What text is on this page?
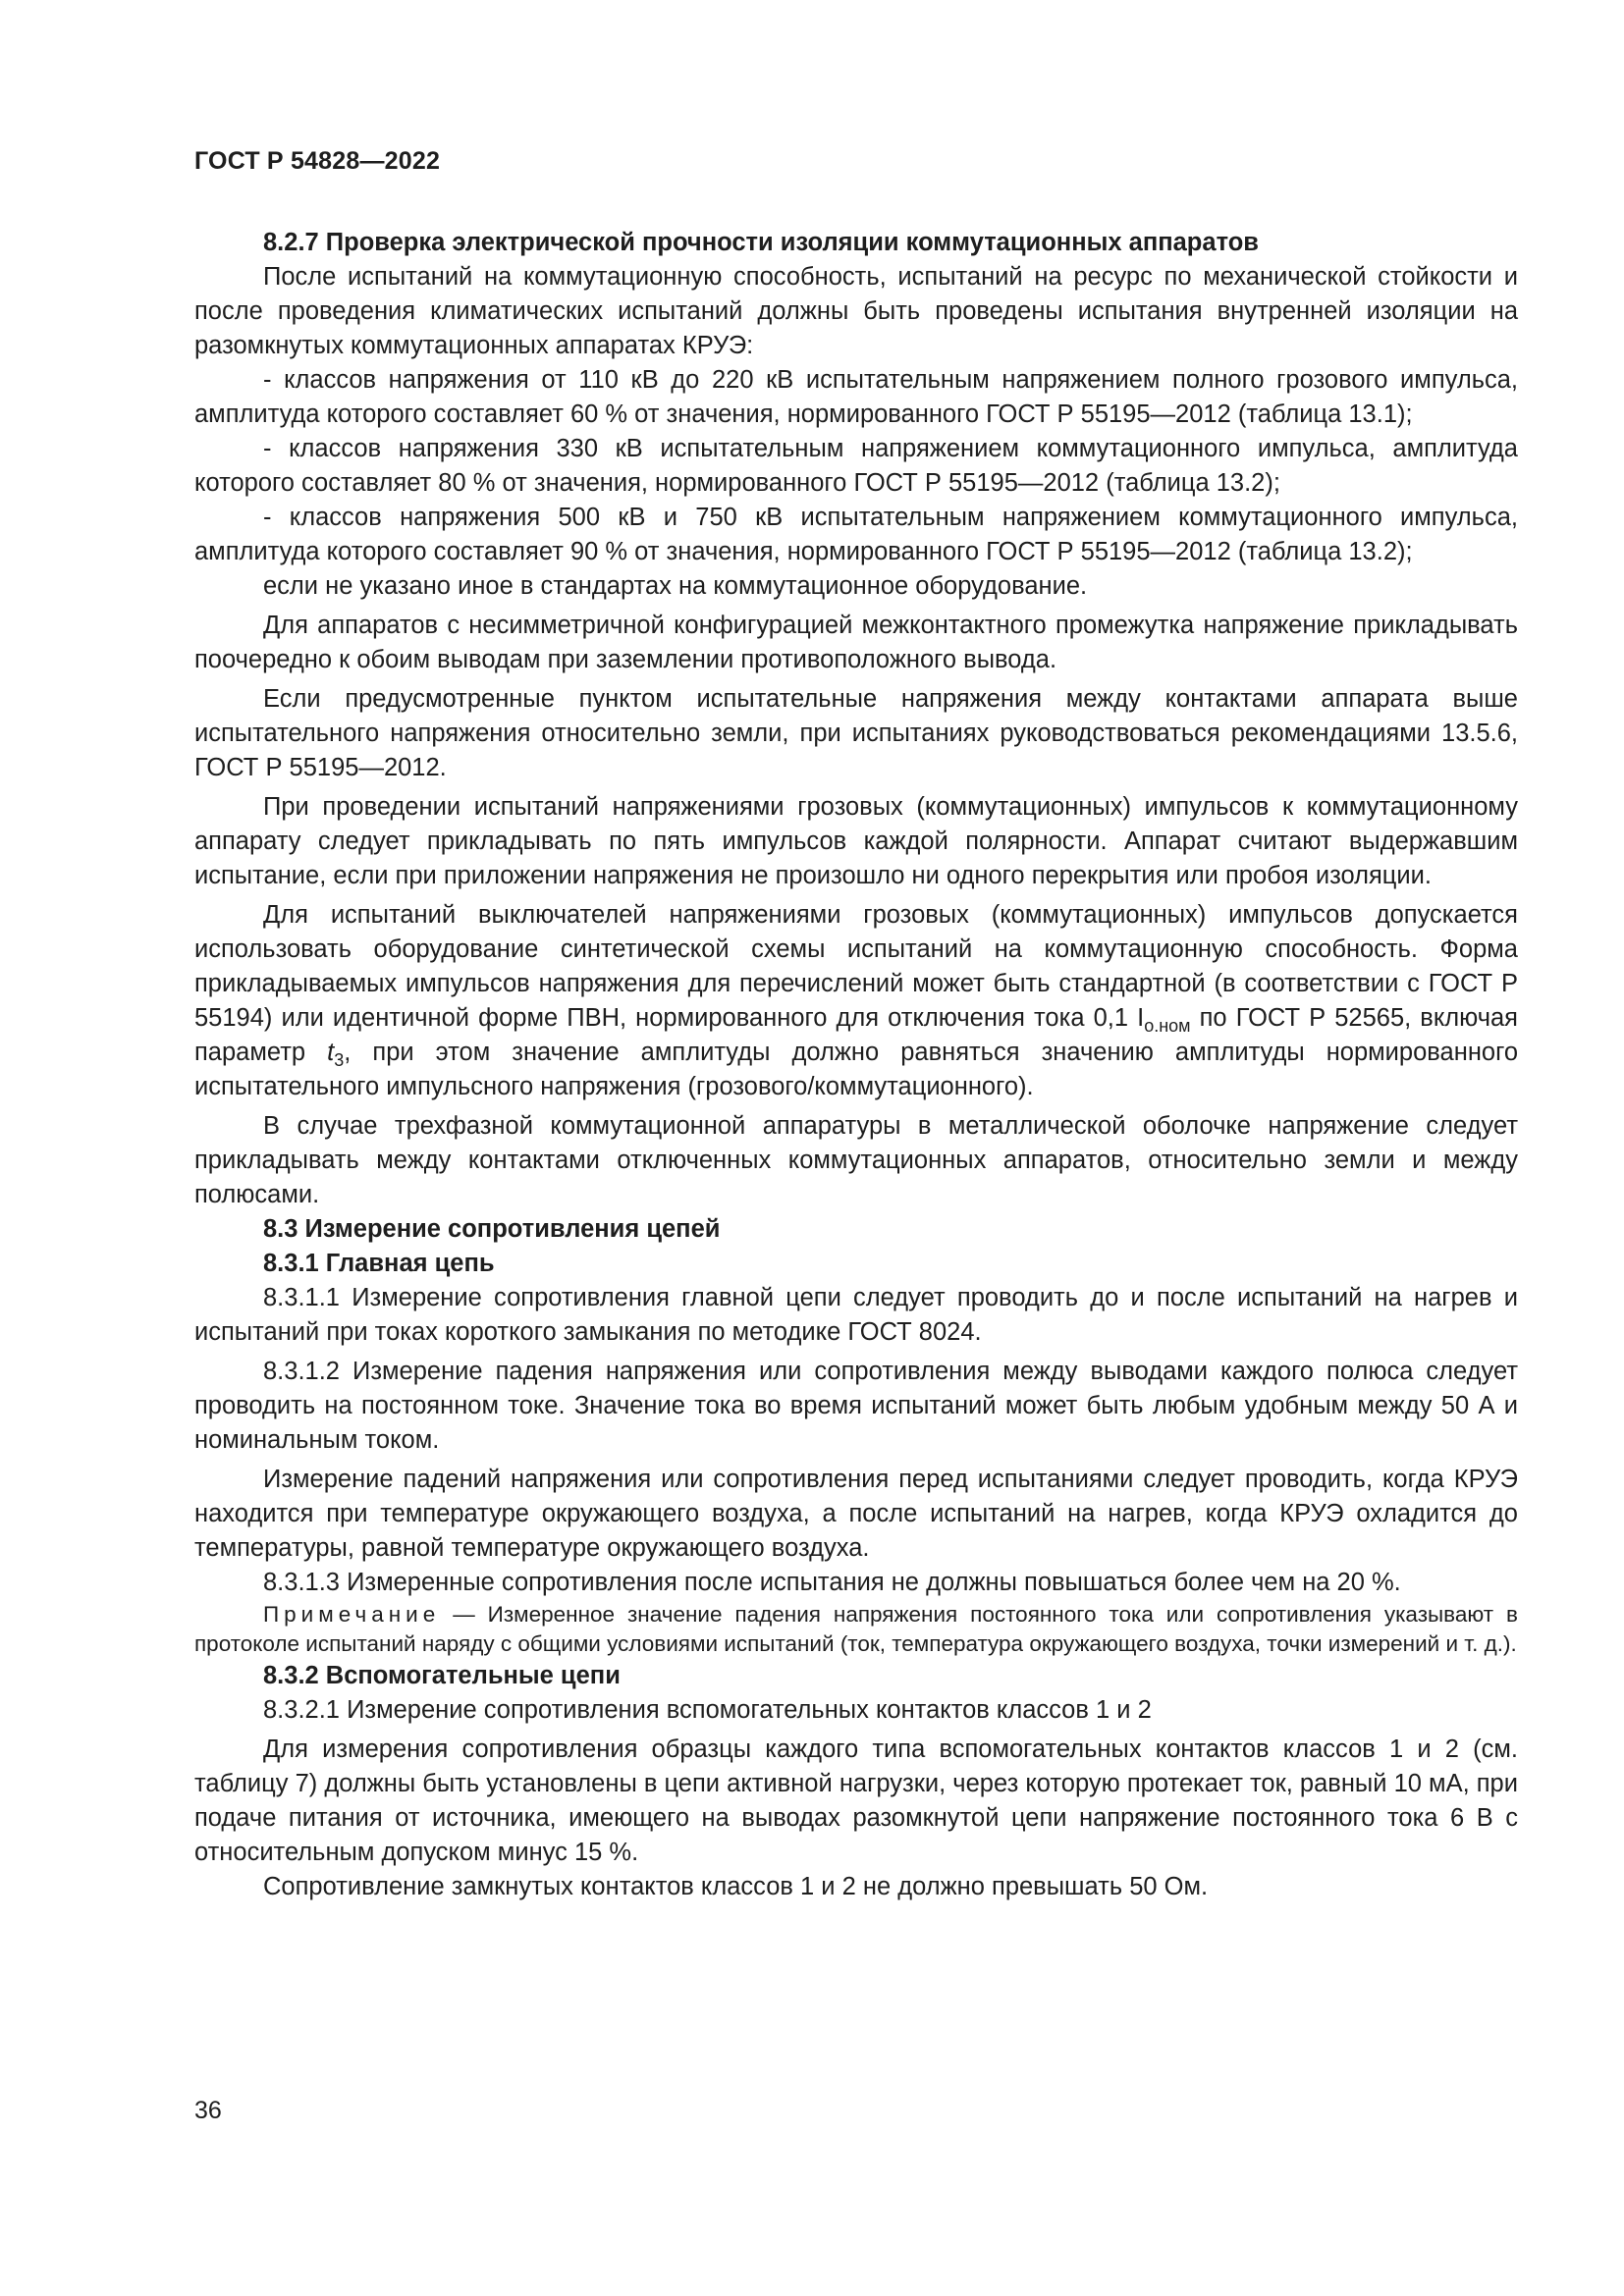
ГОСТ Р 54828—2022

8.2.7 Проверка электрической прочности изоляции коммутационных аппаратов

После испытаний на коммутационную способность, испытаний на ресурс по механической стойкости и после проведения климатических испытаний должны быть проведены испытания внутренней изоляции на разомкнутых коммутационных аппаратах КРУЭ:

- классов напряжения от 110 кВ до 220 кВ испытательным напряжением полного грозового импульса, амплитуда которого составляет 60 % от значения, нормированного ГОСТ Р 55195—2012 (таблица 13.1);

- классов напряжения 330 кВ испытательным напряжением коммутационного импульса, амплитуда которого составляет 80 % от значения, нормированного ГОСТ Р 55195—2012 (таблица 13.2);

- классов напряжения 500 кВ и 750 кВ испытательным напряжением коммутационного импульса, амплитуда которого составляет 90 % от значения, нормированного ГОСТ Р 55195—2012 (таблица 13.2);

если не указано иное в стандартах на коммутационное оборудование.

Для аппаратов с несимметричной конфигурацией межконтактного промежутка напряжение прикладывать поочередно к обоим выводам при заземлении противоположного вывода.

Если предусмотренные пунктом испытательные напряжения между контактами аппарата выше испытательного напряжения относительно земли, при испытаниях руководствоваться рекомендациями 13.5.6, ГОСТ Р 55195—2012.

При проведении испытаний напряжениями грозовых (коммутационных) импульсов к коммутационному аппарату следует прикладывать по пять импульсов каждой полярности. Аппарат считают выдержавшим испытание, если при приложении напряжения не произошло ни одного перекрытия или пробоя изоляции.

Для испытаний выключателей напряжениями грозовых (коммутационных) импульсов допускается использовать оборудование синтетической схемы испытаний на коммутационную способность. Форма прикладываемых импульсов напряжения для перечислений может быть стандартной (в соответствии с ГОСТ Р 55194) или идентичной форме ПВН, нормированного для отключения тока 0,1 $I_{о.ном}$ по ГОСТ Р 52565, включая параметр $t_3$, при этом значение амплитуды должно равняться значению амплитуды нормированного испытательного импульсного напряжения (грозового/коммутационного).

В случае трехфазной коммутационной аппаратуры в металлической оболочке напряжение следует прикладывать между контактами отключенных коммутационных аппаратов, относительно земли и между полюсами.

8.3 Измерение сопротивления цепей

8.3.1 Главная цепь

8.3.1.1 Измерение сопротивления главной цепи следует проводить до и после испытаний на нагрев и испытаний при токах короткого замыкания по методике ГОСТ 8024.

8.3.1.2 Измерение падения напряжения или сопротивления между выводами каждого полюса следует проводить на постоянном токе. Значение тока во время испытаний может быть любым удобным между 50 А и номинальным током.

Измерение падений напряжения или сопротивления перед испытаниями следует проводить, когда КРУЭ находится при температуре окружающего воздуха, а после испытаний на нагрев, когда КРУЭ охладится до температуры, равной температуре окружающего воздуха.

8.3.1.3 Измеренные сопротивления после испытания не должны повышаться более чем на 20 %.

Примечание — Измеренное значение падения напряжения постоянного тока или сопротивления указывают в протоколе испытаний наряду с общими условиями испытаний (ток, температура окружающего воздуха, точки измерений и т. д.).

8.3.2 Вспомогательные цепи

8.3.2.1 Измерение сопротивления вспомогательных контактов классов 1 и 2

Для измерения сопротивления образцы каждого типа вспомогательных контактов классов 1 и 2 (см. таблицу 7) должны быть установлены в цепи активной нагрузки, через которую протекает ток, равный 10 мА, при подаче питания от источника, имеющего на выводах разомкнутой цепи напряжение постоянного тока 6 В с относительным допуском минус 15 %.

Сопротивление замкнутых контактов классов 1 и 2 не должно превышать 50 Ом.

36
